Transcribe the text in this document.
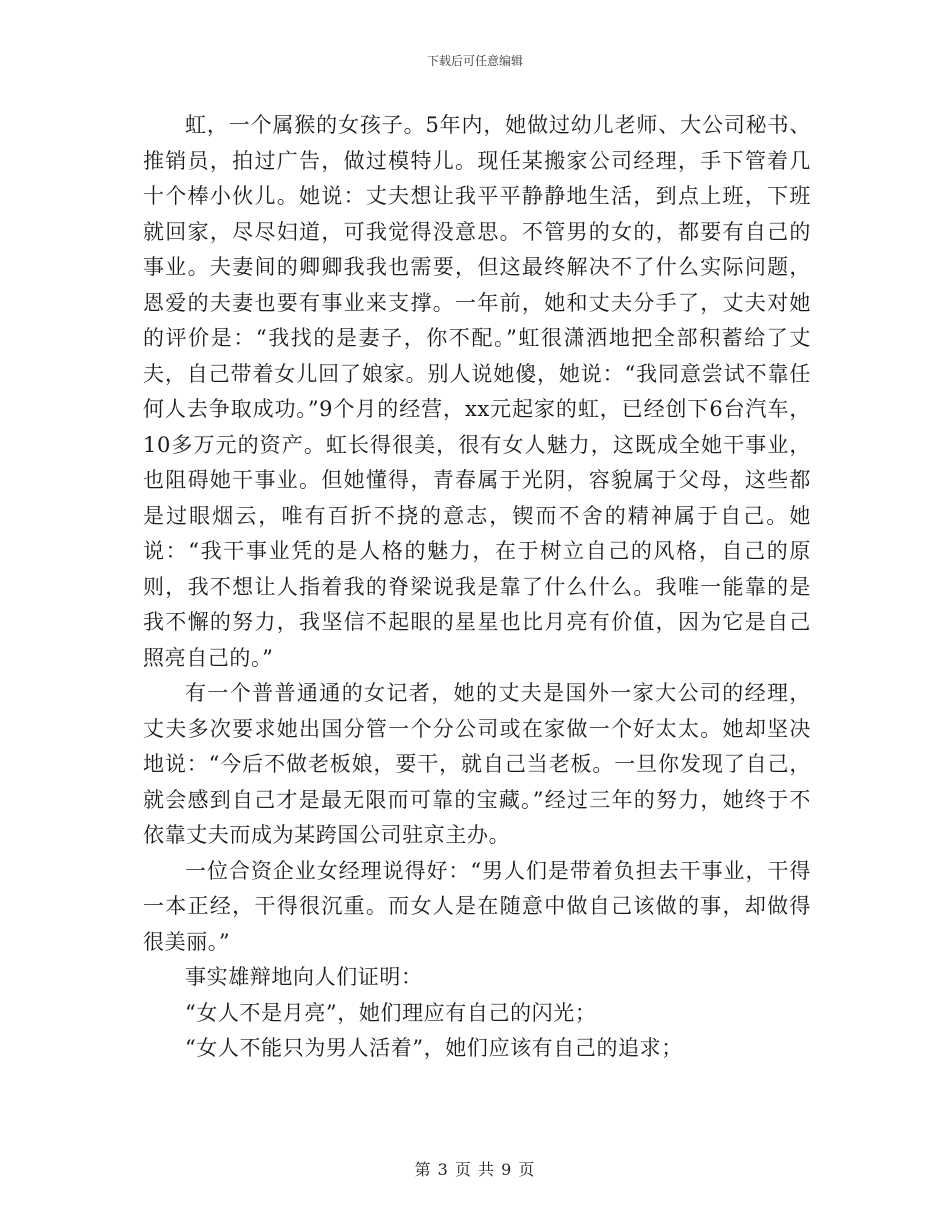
下载后可任意编辑

虹，一个属猴的女孩子。5年内，她做过幼儿老师、大公司秘书、推销员，拍过广告，做过模特儿。现任某搬家公司经理，手下管着几十个棒小伙儿。她说：丈夫想让我平平静静地生活，到点上班，下班就回家，尽尽妇道，可我觉得没意思。不管男的女的，都要有自己的事业。夫妻间的卿卿我我也需要，但这最终解决不了什么实际问题，恩爱的夫妻也要有事业来支撑。一年前，她和丈夫分手了，丈夫对她的评价是：“我找的是妻子，你不配。”虹很潇洒地把全部积蓄给了丈夫，自己带着女儿回了娘家。别人说她傻，她说：“我同意尝试不靠任何人去争取成功。”9个月的经营，xx元起家的虹，已经创下6台汽车，10多万元的资产。虹长得很美，很有女人魅力，这既成全她干事业，也阻碍她干事业。但她懂得，青春属于光阴，容貌属于父母，这些都是过眼烟云，唯有百折不挠的意志，锲而不舍的精神属于自己。她说：“我干事业凭的是人格的魅力，在于树立自己的风格，自己的原则，我不想让人指着我的脊梁说我是靠了什么什么。我唯一能靠的是我不懈的努力，我坚信不起眼的星星也比月亮有价值，因为它是自己照亮自己的。”

有一个普普通通的女记者，她的丈夫是国外一家大公司的经理，丈夫多次要求她出国分管一个分公司或在家做一个好太太。她却坚决地说：“今后不做老板娘，要干，就自己当老板。一旦你发现了自己，就会感到自己才是最无限而可靠的宝藏。”经过三年的努力，她终于不依靠丈夫而成为某跨国公司驻京主办。

一位合资企业女经理说得好：“男人们是带着负担去干事业，干得一本正经，干得很沉重。而女人是在随意中做自己该做的事，却做得很美丽。”

事实雄辩地向人们证明：

“女人不是月亮”，她们理应有自己的闪光；

“女人不能只为男人活着”，她们应该有自己的追求；

第 3 页 共 9 页
